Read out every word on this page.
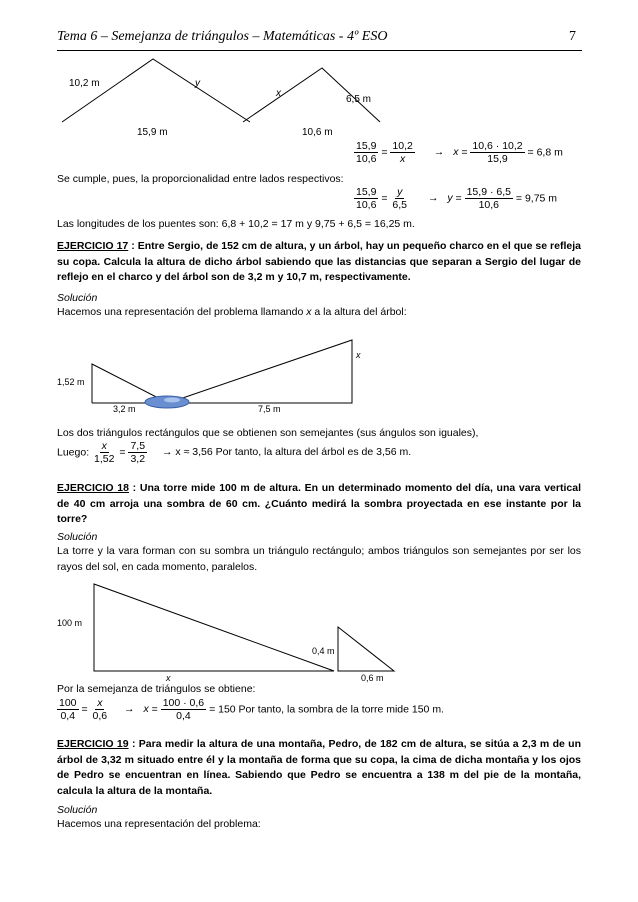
Tema 6 – Semejanza de triángulos – Matemáticas - 4º ESO	7
10,2 m	y
15,9 m
x
6,5 m
10,6 m
$\frac{15,9}{10,6} = \frac{10,2}{x} \to x = \frac{10,6 \cdot 10,2}{15,9} = 6,8$ m
Se cumple, pues, la proporcionalidad entre lados respectivos:
$\frac{15,9}{10,6} = \frac{y}{6,5} \to y = \frac{15,9 \cdot 6,5}{10,6} = 9,75$ m
Las longitudes de los puentes son: 6,8 + 10,2 = 17 m y 9,75 + 6,5 = 16,25 m.
EJERCICIO 17 : Entre Sergio, de 152 cm de altura, y un árbol, hay un pequeño charco en el que se refleja su copa. Calcula la altura de dicho árbol sabiendo que las distancias que separan a Sergio del lugar de reflejo en el charco y del árbol son de 3,2 m y 10,7 m, respectivamente.
Solución
Hacemos una representación del problema llamando x a la altura del árbol:
x
1,52 m
3,2 m	7,5 m
Los dos triángulos rectángulos que se obtienen son semejantes (sus ángulos son iguales),
Luego: $\frac{x}{1,52} = \frac{7,5}{3,2} \to x \approx 3,56$ Por tanto, la altura del árbol es de 3,56 m.
EJERCICIO 18 : Una torre mide 100 m de altura. En un determinado momento del día, una vara vertical de 40 cm arroja una sombra de 60 cm. ¿Cuánto medirá la sombra proyectada en ese instante por la torre?
Solución
La torre y la vara forman con su sombra un triángulo rectángulo; ambos triángulos son semejantes por ser los rayos del sol, en cada momento, paralelos.
100 m
x
0,4 m
0,6 m
Por la semejanza de triángulos se obtiene:
$\frac{100}{0,4} = \frac{x}{0,6} \to x = \frac{100 \cdot 0,6}{0,4} = 150$ Por tanto, la sombra de la torre mide 150 m.
EJERCICIO 19 : Para medir la altura de una montaña, Pedro, de 182 cm de altura, se sitúa a 2,3 m de un árbol de 3,32 m situado entre él y la montaña de forma que su copa, la cima de dicha montaña y los ojos de Pedro se encuentran en línea. Sabiendo que Pedro se encuentra a 138 m del pie de la montaña, calcula la altura de la montaña.
Solución
Hacemos una representación del problema:
